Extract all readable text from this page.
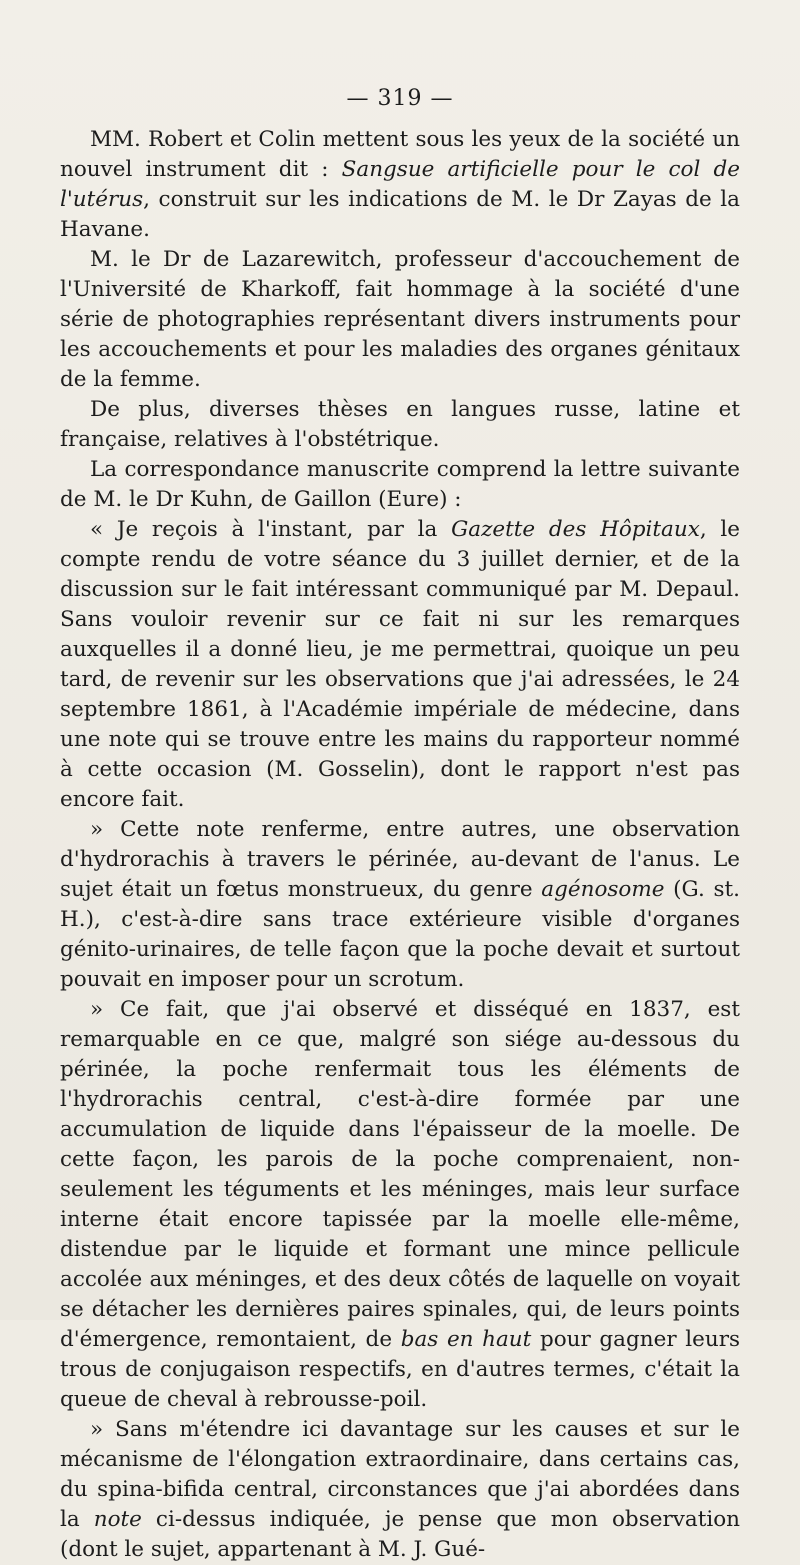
— 319 —

MM. Robert et Colin mettent sous les yeux de la société un nouvel instrument dit : Sangsue artificielle pour le col de l'utérus, construit sur les indications de M. le Dr Zayas de la Havane.

M. le Dr de Lazarewitch, professeur d'accouchement de l'Université de Kharkoff, fait hommage à la société d'une série de photographies représentant divers instruments pour les accouchements et pour les maladies des organes génitaux de la femme.

De plus, diverses thèses en langues russe, latine et française, relatives à l'obstétrique.

La correspondance manuscrite comprend la lettre suivante de M. le Dr Kuhn, de Gaillon (Eure) :

« Je reçois à l'instant, par la Gazette des Hôpitaux, le compte rendu de votre séance du 3 juillet dernier, et de la discussion sur le fait intéressant communiqué par M. Depaul. Sans vouloir revenir sur ce fait ni sur les remarques auxquelles il a donné lieu, je me permettrai, quoique un peu tard, de revenir sur les observations que j'ai adressées, le 24 septembre 1861, à l'Académie impériale de médecine, dans une note qui se trouve entre les mains du rapporteur nommé à cette occasion (M. Gosselin), dont le rapport n'est pas encore fait.

» Cette note renferme, entre autres, une observation d'hydrorachis à travers le périnée, au-devant de l'anus. Le sujet était un fœtus monstrueux, du genre agénosome (G. st. H.), c'est-à-dire sans trace extérieure visible d'organes génito-urinaires, de telle façon que la poche devait et surtout pouvait en imposer pour un scrotum.

» Ce fait, que j'ai observé et disséqué en 1837, est remarquable en ce que, malgré son siége au-dessous du périnée, la poche renfermait tous les éléments de l'hydrorachis central, c'est-à-dire formée par une accumulation de liquide dans l'épaisseur de la moelle. De cette façon, les parois de la poche comprenaient, non-seulement les téguments et les méninges, mais leur surface interne était encore tapissée par la moelle elle-même, distendue par le liquide et formant une mince pellicule accolée aux méninges, et des deux côtés de laquelle on voyait se détacher les dernières paires spinales, qui, de leurs points d'émergence, remontaient, de bas en haut pour gagner leurs trous de conjugaison respectifs, en d'autres termes, c'était la queue de cheval à rebrousse-poil.

» Sans m'étendre ici davantage sur les causes et sur le mécanisme de l'élongation extraordinaire, dans certains cas, du spina-bifida central, circonstances que j'ai abordées dans la note ci-dessus indiquée, je pense que mon observation (dont le sujet, appartenant à M. J. Gué-
